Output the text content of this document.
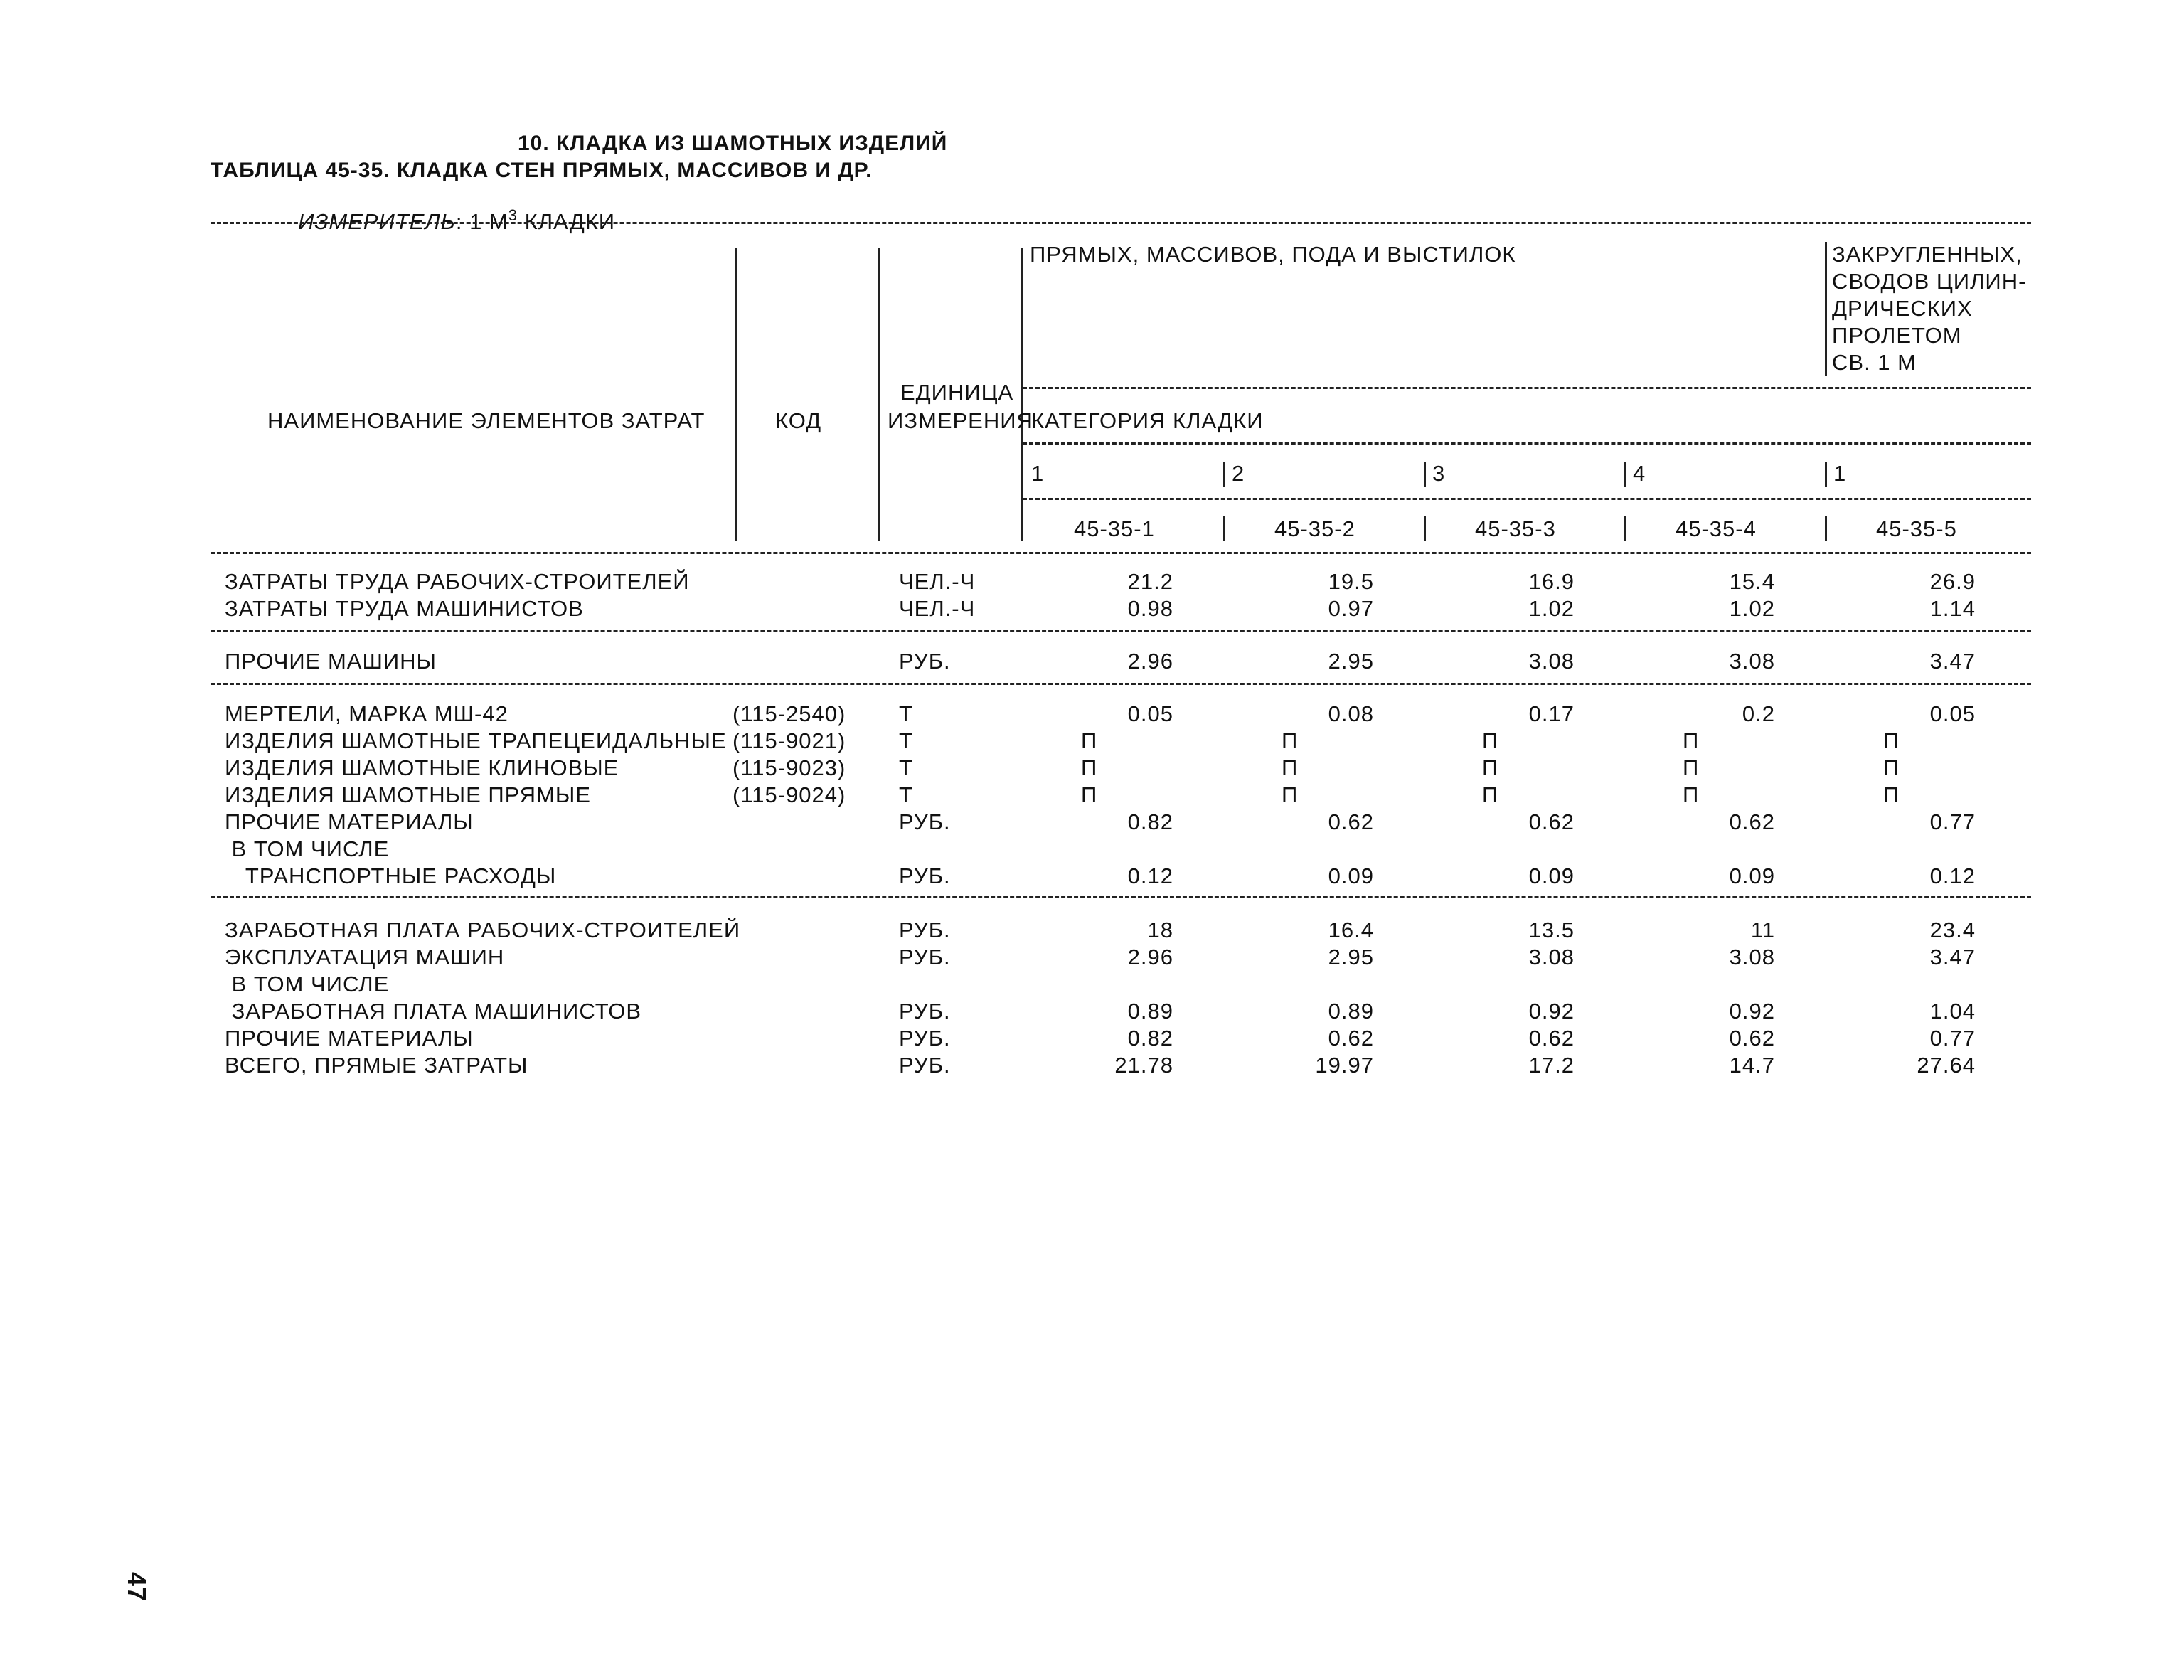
10. КЛАДКА ИЗ ШАМОТНЫХ ИЗДЕЛИЙ
ТАБЛИЦА 45-35. КЛАДКА СТЕН ПРЯМЫХ, МАССИВОВ И ДР.

ИЗМЕРИТЕЛЬ: 1 $М^3$ КЛАДКИ

НАИМЕНОВАНИЕ ЭЛЕМЕНТОВ ЗАТРАТ	КОД
ЕДИНИЦА
ИЗМЕРЕНИЯ
ПРЯМЫХ, МАССИВОВ, ПОДА И ВЫСТИЛОК	ЗАКРУГЛЕННЫХ,
СВОДОВ ЦИЛИН-
ДРИЧЕСКИХ
ПРОЛЕТОМ
СВ. 1 М
КАТЕГОРИЯ КЛАДКИ
1	2	3	4	1
45-35-1	45-35-2	45-35-3	45-35-4	45-35-5
ЗАТРАТЫ ТРУДА РАБОЧИХ-СТРОИТЕЛЕЙ	ЧЕЛ.-Ч	21.2	19.5	16.9	15.4	26.9
ЗАТРАТЫ ТРУДА МАШИНИСТОВ	ЧЕЛ.-Ч	0.98	0.97	1.02	1.02	1.14
ПРОЧИЕ МАШИНЫ	РУБ.	2.96	2.95	3.08	3.08	3.47
МЕРТЕЛИ, МАРКА МШ-42	(115-2540) Т	0.05	0.08	0.17	0.2	0.05
ИЗДЕЛИЯ ШАМОТНЫЕ ТРАПЕЦЕИДАЛЬНЫЕ (115-9021) Т	П	П	П	П	П
ИЗДЕЛИЯ ШАМОТНЫЕ КЛИНОВЫЕ	(115-9023) Т	П	П	П	П	П
ИЗДЕЛИЯ ШАМОТНЫЕ ПРЯМЫЕ	(115-9024) Т	П	П	П	П	П
ПРОЧИЕ МАТЕРИАЛЫ	РУБ.	0.82	0.62	0.62	0.62	0.77
В ТОМ ЧИСЛЕ
ТРАНСПОРТНЫЕ РАСХОДЫ	РУБ.	0.12	0.09	0.09	0.09	0.12
ЗАРАБОТНАЯ ПЛАТА РАБОЧИХ-СТРОИТЕЛЕЙ	РУБ.	18	16.4	13.5	11	23.4
ЭКСПЛУАТАЦИЯ МАШИН	РУБ.	2.96	2.95	3.08	3.08	3.47
В ТОМ ЧИСЛЕ
ЗАРАБОТНАЯ ПЛАТА МАШИНИСТОВ	РУБ.	0.89	0.89	0.92	0.92	1.04
ПРОЧИЕ МАТЕРИАЛЫ	РУБ.	0.82	0.62	0.62	0.62	0.77
ВСЕГО, ПРЯМЫЕ ЗАТРАТЫ	РУБ.	21.78	19.97	17.2	14.7	27.64
47
